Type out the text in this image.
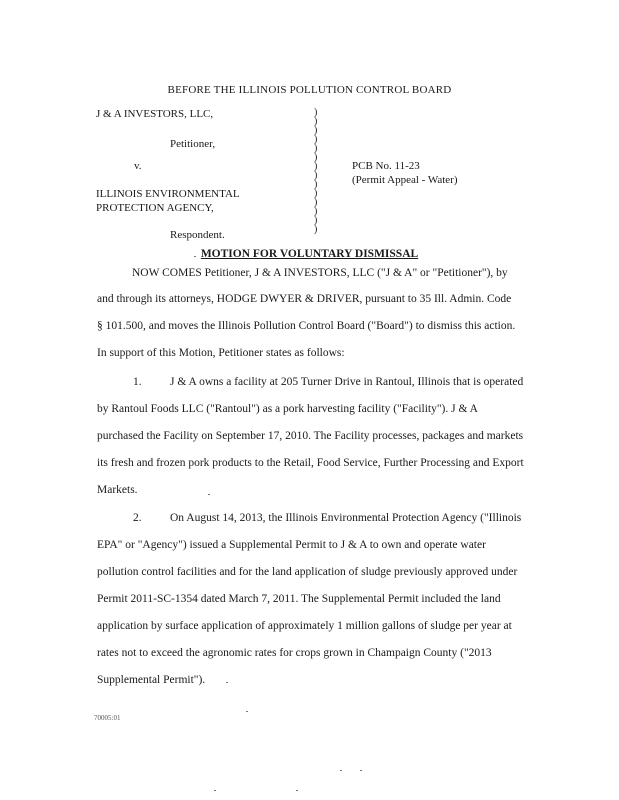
BEFORE THE ILLINOIS POLLUTION CONTROL BOARD
J & A INVESTORS, LLC,
Petitioner,
v.
ILLINOIS ENVIRONMENTAL
PROTECTION AGENCY,
Respondent.
PCB No. 11-23
(Permit Appeal - Water)
)
)
)
)
)
)
)
)
)
)
)
)
)
)
MOTION FOR VOLUNTARY DISMISSAL
NOW COMES Petitioner, J & A INVESTORS, LLC ("J & A" or "Petitioner"), by
and through its attorneys, HODGE DWYER & DRIVER, pursuant to 35 Ill. Admin. Code
§ 101.500, and moves the Illinois Pollution Control Board ("Board") to dismiss this action.
In support of this Motion, Petitioner states as follows:
1. J & A owns a facility at 205 Turner Drive in Rantoul, Illinois that is operated
by Rantoul Foods LLC ("Rantoul") as a pork harvesting facility ("Facility"). J & A
purchased the Facility on September 17, 2010. The Facility processes, packages and markets
its fresh and frozen pork products to the Retail, Food Service, Further Processing and Export
Markets.
2. On August 14, 2013, the Illinois Environmental Protection Agency ("Illinois
EPA" or "Agency") issued a Supplemental Permit to J & A to own and operate water
pollution control facilities and for the land application of sludge previously approved under
Permit 2011-SC-1354 dated March 7, 2011. The Supplemental Permit included the land
application by surface application of approximately 1 million gallons of sludge per year at
rates not to exceed the agronomic rates for crops grown in Champaign County ("2013
Supplemental Permit").
70005:01
